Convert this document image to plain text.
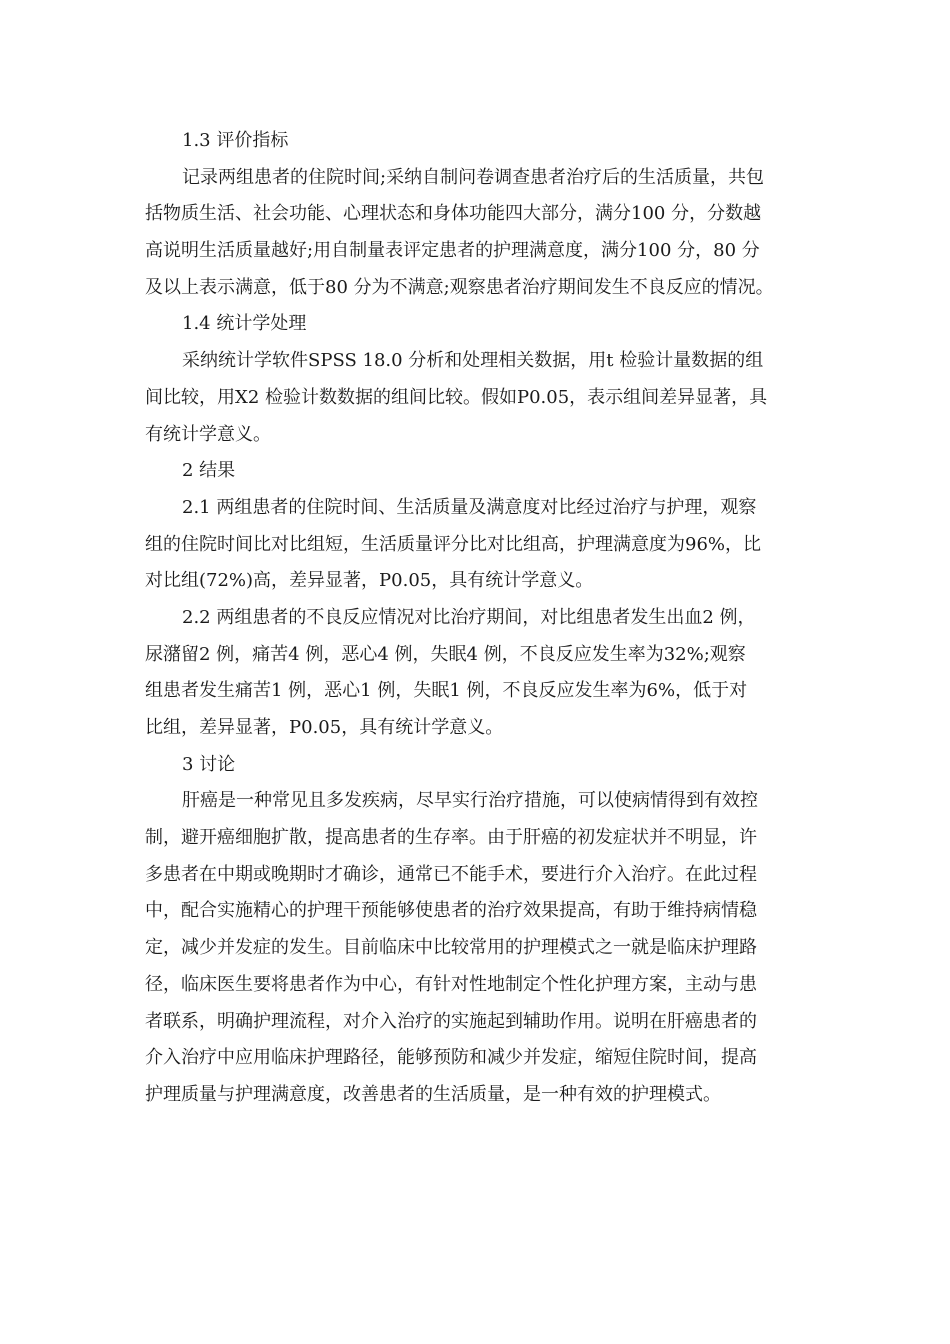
1.3 评价指标
记录两组患者的住院时间;采纳自制问卷调查患者治疗后的生活质量，共包
括物质生活、社会功能、心理状态和身体功能四大部分，满分100 分，分数越
高说明生活质量越好;用自制量表评定患者的护理满意度，满分100 分，80 分
及以上表示满意，低于80 分为不满意;观察患者治疗期间发生不良反应的情况。
1.4 统计学处理
采纳统计学软件SPSS 18.0 分析和处理相关数据，用t 检验计量数据的组
间比较，用X2 检验计数数据的组间比较。假如P0.05，表示组间差异显著，具
有统计学意义。
2 结果
2.1 两组患者的住院时间、生活质量及满意度对比经过治疗与护理，观察
组的住院时间比对比组短，生活质量评分比对比组高，护理满意度为96%，比
对比组(72%)高，差异显著，P0.05，具有统计学意义。
2.2 两组患者的不良反应情况对比治疗期间，对比组患者发生出血2 例，
尿潴留2 例，痛苦4 例，恶心4 例，失眠4 例，不良反应发生率为32%;观察
组患者发生痛苦1 例，恶心1 例，失眠1 例，不良反应发生率为6%，低于对
比组，差异显著，P0.05，具有统计学意义。
3 讨论
肝癌是一种常见且多发疾病，尽早实行治疗措施，可以使病情得到有效控
制，避开癌细胞扩散，提高患者的生存率。由于肝癌的初发症状并不明显，许
多患者在中期或晚期时才确诊，通常已不能手术，要进行介入治疗。在此过程
中，配合实施精心的护理干预能够使患者的治疗效果提高，有助于维持病情稳
定，减少并发症的发生。目前临床中比较常用的护理模式之一就是临床护理路
径，临床医生要将患者作为中心，有针对性地制定个性化护理方案，主动与患
者联系，明确护理流程，对介入治疗的实施起到辅助作用。说明在肝癌患者的
介入治疗中应用临床护理路径，能够预防和减少并发症，缩短住院时间，提高
护理质量与护理满意度，改善患者的生活质量，是一种有效的护理模式。
